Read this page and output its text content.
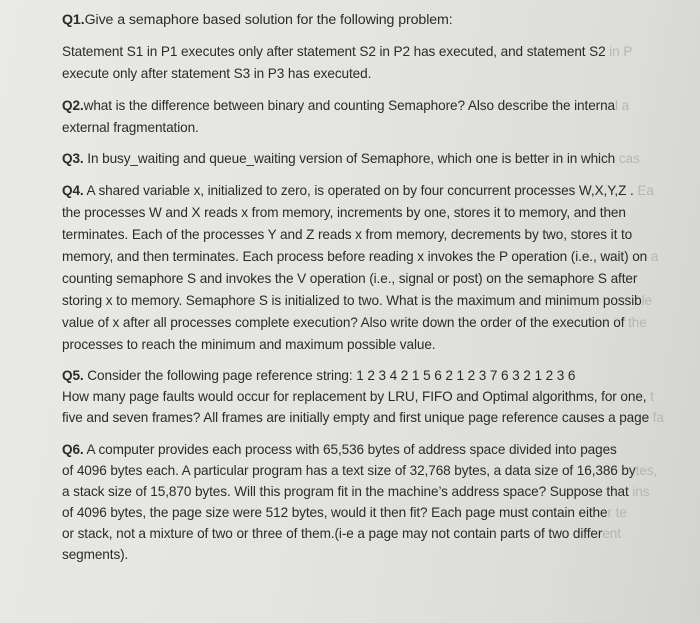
Q1.Give a semaphore based solution for the following problem:
Statement S1 in P1 executes only after statement S2 in P2 has executed, and statement S2 in P
execute only after statement S3 in P3 has executed.
Q2.what is the difference between binary and counting Semaphore? Also describe the internal a
external fragmentation.
Q3. In busy_waiting and queue_waiting version of Semaphore, which one is better in in which cas
Q4. A shared variable x, initialized to zero, is operated on by four concurrent processes W,X,Y,Z . Ea
the processes W and X reads x from memory, increments by one, stores it to memory, and then
terminates. Each of the processes Y and Z reads x from memory, decrements by two, stores it to
memory, and then terminates. Each process before reading x invokes the P operation (i.e., wait) on a
counting semaphore S and invokes the V operation (i.e., signal or post) on the semaphore S after
storing x to memory. Semaphore S is initialized to two. What is the maximum and minimum possible
value of x after all processes complete execution? Also write down the order of the execution of the
processes to reach the minimum and maximum possible value.
Q5. Consider the following page reference string: 1 2 3 4 2 1 5 6 2 1 2 3 7 6 3 2 1 2 3 6
How many page faults would occur for replacement by LRU, FIFO and Optimal algorithms, for one, t
five and seven frames? All frames are initially empty and first unique page reference causes a page fa
Q6. A computer provides each process with 65,536 bytes of address space divided into pages
of 4096 bytes each. A particular program has a text size of 32,768 bytes, a data size of 16,386 bytes,
a stack size of 15,870 bytes. Will this program fit in the machine’s address space? Suppose that ins
of 4096 bytes, the page size were 512 bytes, would it then fit? Each page must contain either te
or stack, not a mixture of two or three of them.(i-e a page may not contain parts of two different
segments).
